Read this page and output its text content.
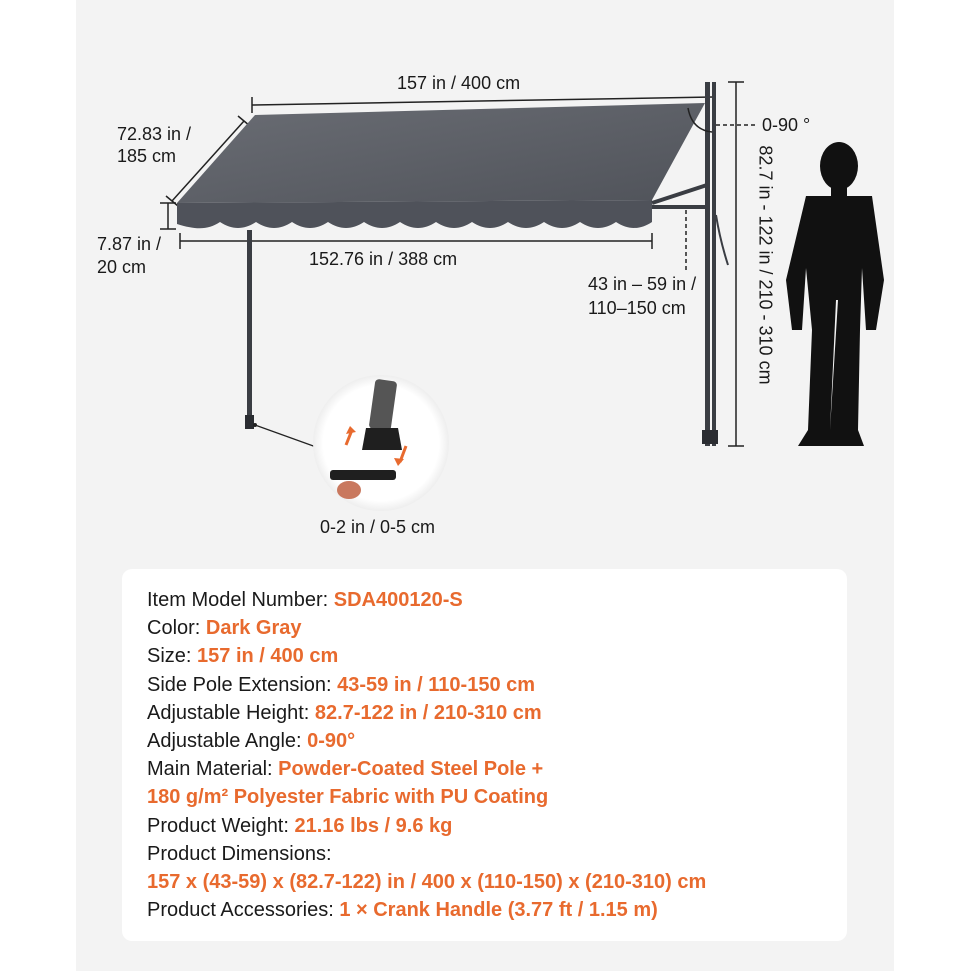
157 in / 400 cm
72.83 in /
185 cm
7.87 in /
20 cm	152.76 in / 388 cm
0-90 °
43 in – 59 in /
110–150 cm	82.7 in - 122 in / 210 - 310 cm
0-2 in / 0-5 cm
Item Model Number: SDA400120-S
Color: Dark Gray
Size: 157 in / 400 cm
Side Pole Extension: 43-59 in / 110-150 cm
Adjustable Height: 82.7-122 in / 210-310 cm
Adjustable Angle: 0-90°
Main Material: Powder-Coated Steel Pole +
180 g/m² Polyester Fabric with PU Coating
Product Weight: 21.16 lbs / 9.6 kg
Product Dimensions:
157 x (43-59) x (82.7-122) in / 400 x (110-150) x (210-310) cm
Product Accessories: 1 × Crank Handle (3.77 ft / 1.15 m)
